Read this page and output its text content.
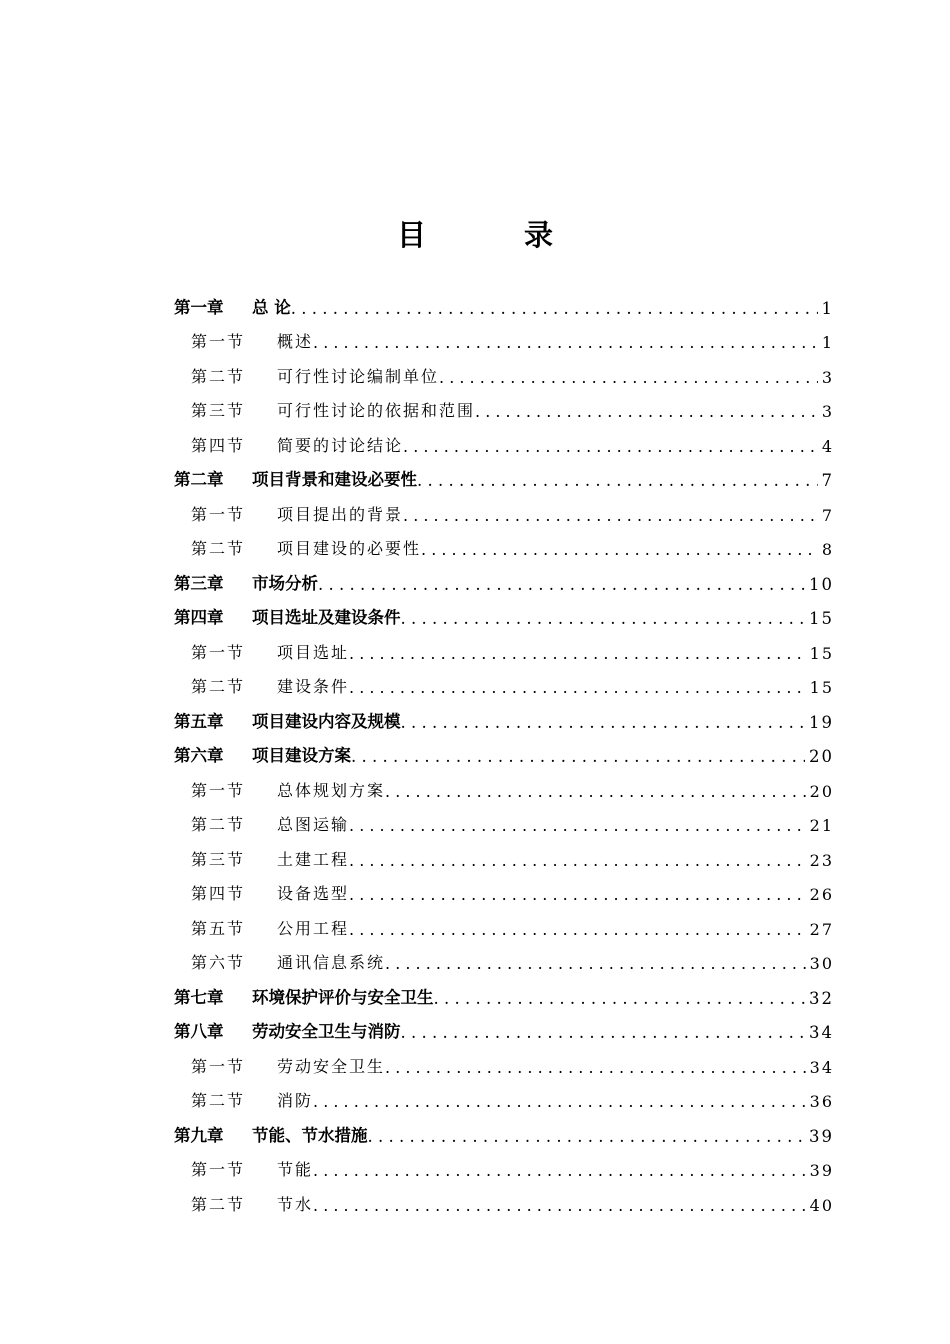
目 录
第一章	总 论 . . .	1
第一节	概述 . . .	1
第二节	可行性讨论编制单位 . . .	3
第三节	可行性讨论的依据和范围 . . .	3
第四节	简要的讨论结论 . . .	4
第二章	项目背景和建设必要性 . . .	7
第一节	项目提出的背景 . . .	7
第二节	项目建设的必要性 . . .	8
第三章	市场分析 . . .	10
第四章	项目选址及建设条件 . . .	15
第一节	项目选址 . . .	15
第二节	建设条件 . . .	15
第五章	项目建设内容及规模 . . .	19
第六章	项目建设方案 . . .	20
第一节	总体规划方案 . . .	20
第二节	总图运输 . . .	21
第三节	土建工程 . . .	23
第四节	设备选型 . . .	26
第五节	公用工程 . . .	27
第六节	通讯信息系统 . . .	30
第七章	环境保护评价与安全卫生 . . .	32
第八章	劳动安全卫生与消防 . . .	34
第一节	劳动安全卫生 . . .	34
第二节	消防 . . .	36
第九章	节能、节水措施 . . .	39
第一节	节能 . . .	39
第二节	节水 . . .	40
